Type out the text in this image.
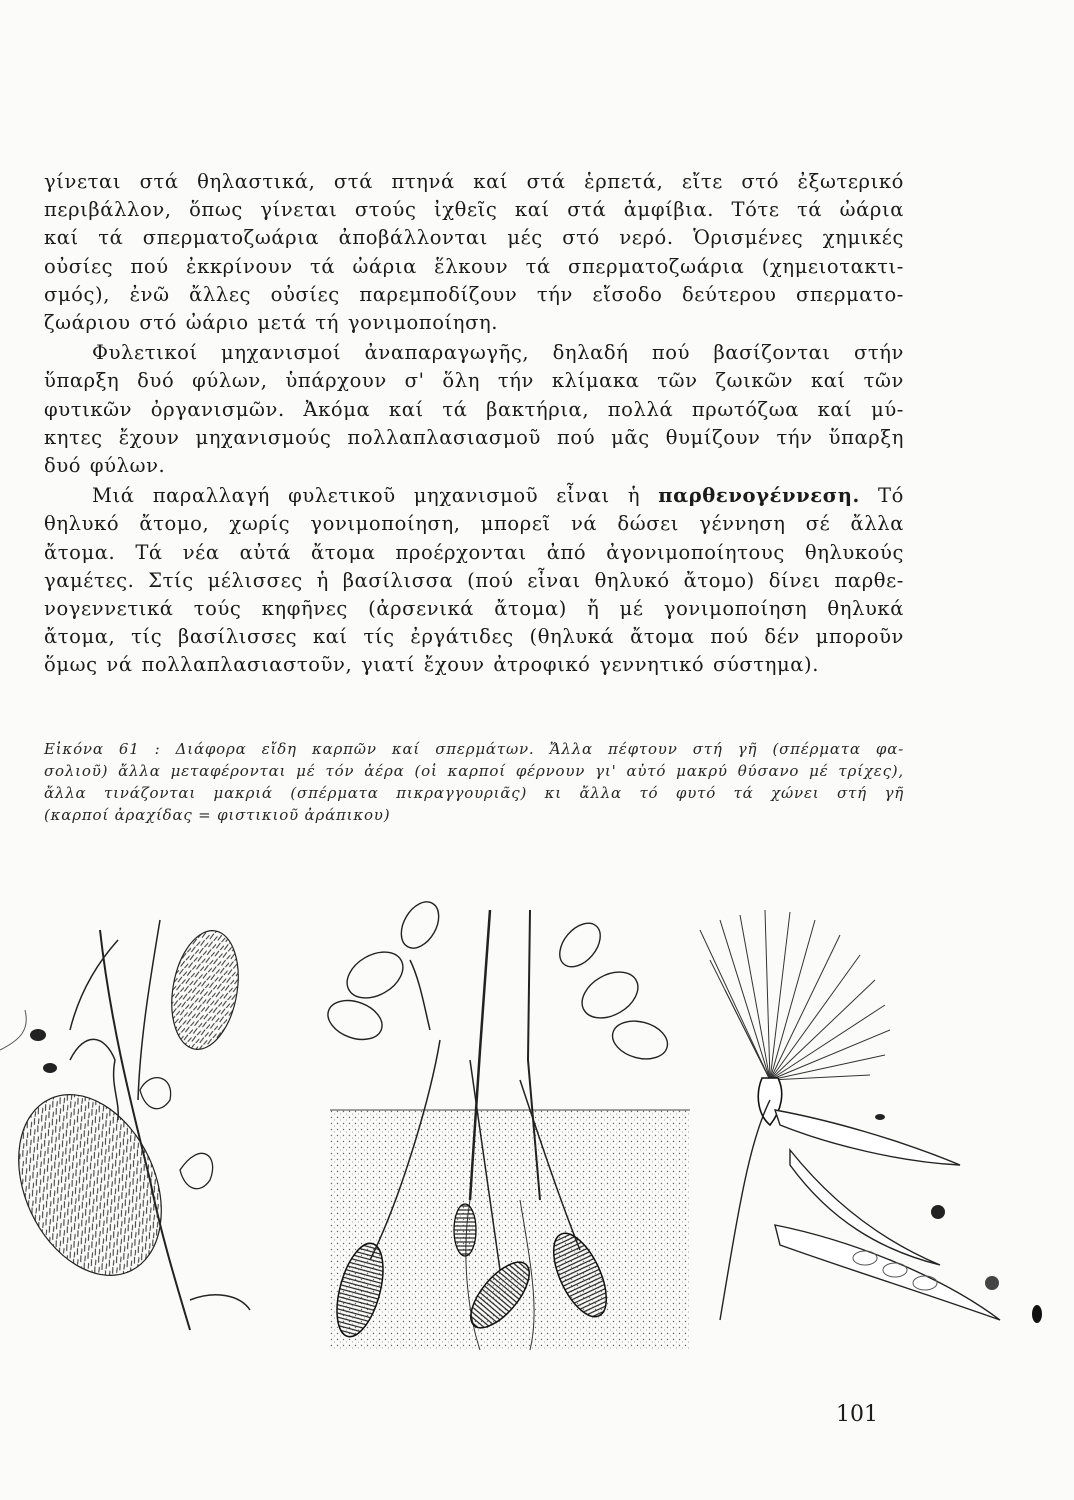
γίνεται στά θηλαστικά, στά πτηνά καί στά ἑρπετά, εἴτε στό ἐξωτερικό
περιβάλλον, ὅπως γίνεται στούς ἰχθεῖς καί στά ἀμφίβια. Τότε τά ὠάρια
καί τά σπερματοζωάρια ἀποβάλλονται μές στό νερό. Ὁρισμένες χημικές
οὐσίες πού ἐκκρίνουν τά ὠάρια ἕλκουν τά σπερματοζωάρια (χημειοτακτι-
σμός), ἐνῶ ἄλλες οὐσίες παρεμποδίζουν τήν εἴσοδο δεύτερου σπερματο-
ζωάριου στό ὠάριο μετά τή γονιμοποίηση.

Φυλετικοί μηχανισμοί ἀναπαραγωγῆς, δηλαδή πού βασίζονται στήν
ὕπαρξη δυό φύλων, ὑπάρχουν σ' ὅλη τήν κλίμακα τῶν ζωικῶν καί τῶν
φυτικῶν ὀργανισμῶν. Ἀκόμα καί τά βακτήρια, πολλά πρωτόζωα καί μύ-
κητες ἔχουν μηχανισμούς πολλαπλασιασμοῦ πού μᾶς θυμίζουν τήν ὕπαρξη
δυό φύλων.

Μιά παραλλαγή φυλετικοῦ μηχανισμοῦ εἶναι ἡ παρθενογέννεση. Τό
θηλυκό ἄτομο, χωρίς γονιμοποίηση, μπορεῖ νά δώσει γέννηση σέ ἄλλα
ἄτομα. Τά νέα αὐτά ἄτομα προέρχονται ἀπό ἀγονιμοποίητους θηλυκούς
γαμέτες. Στίς μέλισσες ἡ βασίλισσα (πού εἶναι θηλυκό ἄτομο) δίνει παρθε-
νογεννετικά τούς κηφῆνες (ἀρσενικά ἄτομα) ἤ μέ γονιμοποίηση θηλυκά
ἄτομα, τίς βασίλισσες καί τίς ἐργάτιδες (θηλυκά ἄτομα πού δέν μποροῦν
ὅμως νά πολλαπλασιαστοῦν, γιατί ἔχουν ἀτροφικό γεννητικό σύστημα).

Εἰκόνα 61 : Διάφορα εἴδη καρπῶν καί σπερμάτων. Ἄλλα πέφτουν στή γῆ (σπέρματα φα-
σολιοῦ) ἄλλα μεταφέρονται μέ τόν ἀέρα (οἱ καρποί φέρνουν γι' αὐτό μακρύ θύσανο μέ τρίχες),
ἄλλα τινάζονται μακριά (σπέρματα πικραγγουριᾶς) κι ἄλλα τό φυτό τά χώνει στή γῆ
(καρποί ἀραχίδας = φιστικιοῦ ἀράπικου)
101
